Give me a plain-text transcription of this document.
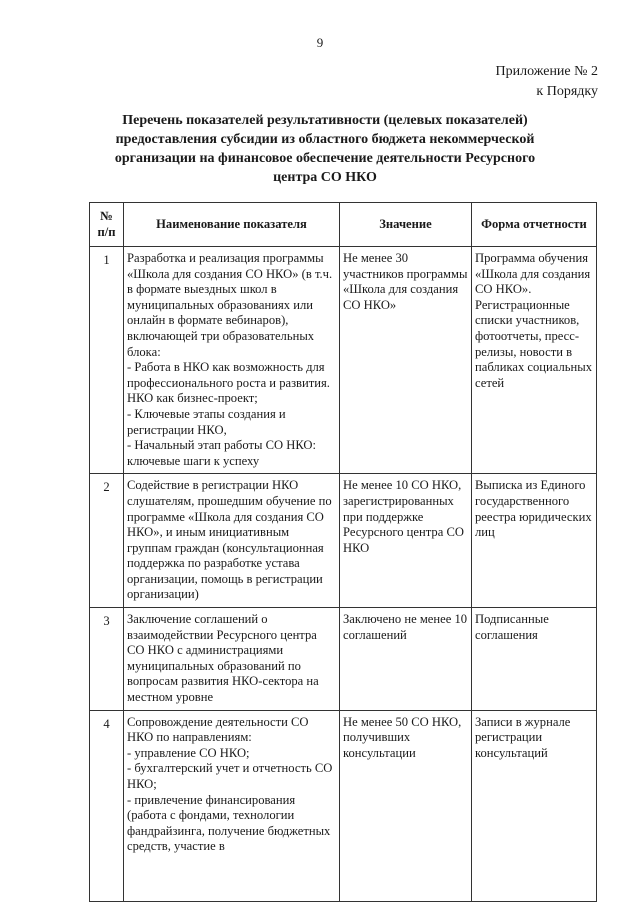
9
Приложение № 2
к Порядку
Перечень показателей результативности (целевых показателей) предоставления субсидии из областного бюджета некоммерческой организации на финансовое обеспечение деятельности Ресурсного центра СО НКО
№
п/п	Наименование показателя	Значение	Форма отчетности
1	Разработка и реализация программы «Школа для создания СО НКО» (в т.ч. в формате выездных школ в муниципальных образованиях или онлайн в формате вебинаров), включающей три образовательных блока:
- Работа в НКО как возможность для профессионального роста и развития. НКО как бизнес-проект;
- Ключевые этапы создания и регистрации НКО,
- Начальный этап работы СО НКО: ключевые шаги к успеху	Не менее 30 участников программы «Школа для создания СО НКО»	Программа обучения «Школа для создания СО НКО». Регистрационные списки участников, фотоотчеты, пресс-релизы, новости в пабликах социальных сетей
2	Содействие в регистрации НКО слушателям, прошедшим обучение по программе «Школа для создания СО НКО», и иным инициативным группам граждан (консультационная поддержка по разработке устава организации, помощь в регистрации организации)	Не менее 10 СО НКО, зарегистрированных при поддержке Ресурсного центра СО НКО	Выписка из Единого государственного реестра юридических лиц
3	Заключение соглашений о взаимодействии Ресурсного центра СО НКО с администрациями муниципальных образований по вопросам развития НКО-сектора на местном уровне	Заключено не менее 10 соглашений	Подписанные соглашения
4	Сопровождение деятельности СО НКО по направлениям:
- управление СО НКО;
- бухгалтерский учет и отчетность СО НКО;
- привлечение финансирования (работа с фондами, технологии фандрайзинга, получение бюджетных средств, участие в	Не менее 50 СО НКО, получивших консультации	Записи в журнале регистрации консультаций
